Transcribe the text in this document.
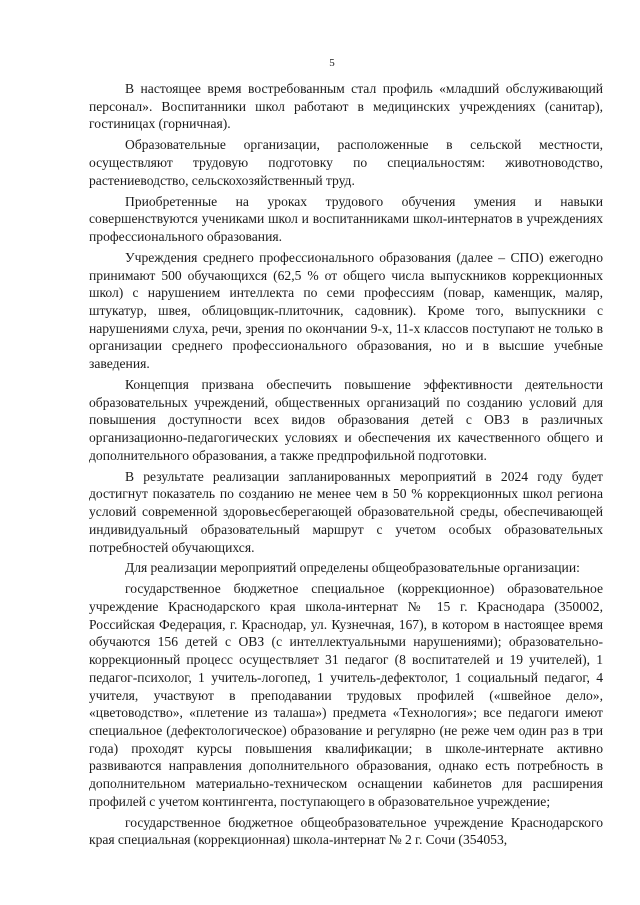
5

В настоящее время востребованным стал профиль «младший обслуживающий персонал». Воспитанники школ работают в медицинских учреждениях (санитар), гостиницах (горничная).

Образовательные организации, расположенные в сельской местности, осуществляют трудовую подготовку по специальностям: животноводство, растениеводство, сельскохозяйственный труд.

Приобретенные на уроках трудового обучения умения и навыки совершенствуются учениками школ и воспитанниками школ-интернатов в учреждениях профессионального образования.

Учреждения среднего профессионального образования (далее – СПО) ежегодно принимают 500 обучающихся (62,5 % от общего числа выпускников коррекционных школ) с нарушением интеллекта по семи профессиям (повар, каменщик, маляр, штукатур, швея, облицовщик-плиточник, садовник). Кроме того, выпускники с нарушениями слуха, речи, зрения по окончании 9-х, 11-х классов поступают не только в организации среднего профессионального образования, но и в высшие учебные заведения.

Концепция призвана обеспечить повышение эффективности деятельности образовательных учреждений, общественных организаций по созданию условий для повышения доступности всех видов образования детей с ОВЗ в различных организационно-педагогических условиях и обеспечения их качественного общего и дополнительного образования, а также предпрофильной подготовки.

В результате реализации запланированных мероприятий в 2024 году будет достигнут показатель по созданию не менее чем в 50 % коррекционных школ региона условий современной здоровьесберегающей образовательной среды, обеспечивающей индивидуальный образовательный маршрут с учетом особых образовательных потребностей обучающихся.

Для реализации мероприятий определены общеобразовательные организации:

государственное бюджетное специальное (коррекционное) образовательное учреждение Краснодарского края школа-интернат № 15 г. Краснодара (350002, Российская Федерация, г. Краснодар, ул. Кузнечная, 167), в котором в настоящее время обучаются 156 детей с ОВЗ (с интеллектуальными нарушениями); образовательно-коррекционный процесс осуществляет 31 педагог (8 воспитателей и 19 учителей), 1 педагог-психолог, 1 учитель-логопед, 1 учитель-дефектолог, 1 социальный педагог, 4 учителя, участвуют в преподавании трудовых профилей («швейное дело», «цветоводство», «плетение из талаша») предмета «Технология»; все педагоги имеют специальное (дефектологическое) образование и регулярно (не реже чем один раз в три года) проходят курсы повышения квалификации; в школе-интернате активно развиваются направления дополнительного образования, однако есть потребность в дополнительном материально-техническом оснащении кабинетов для расширения профилей с учетом контингента, поступающего в образовательное учреждение;

государственное бюджетное общеобразовательное учреждение Краснодарского края специальная (коррекционная) школа-интернат № 2 г. Сочи (354053,
